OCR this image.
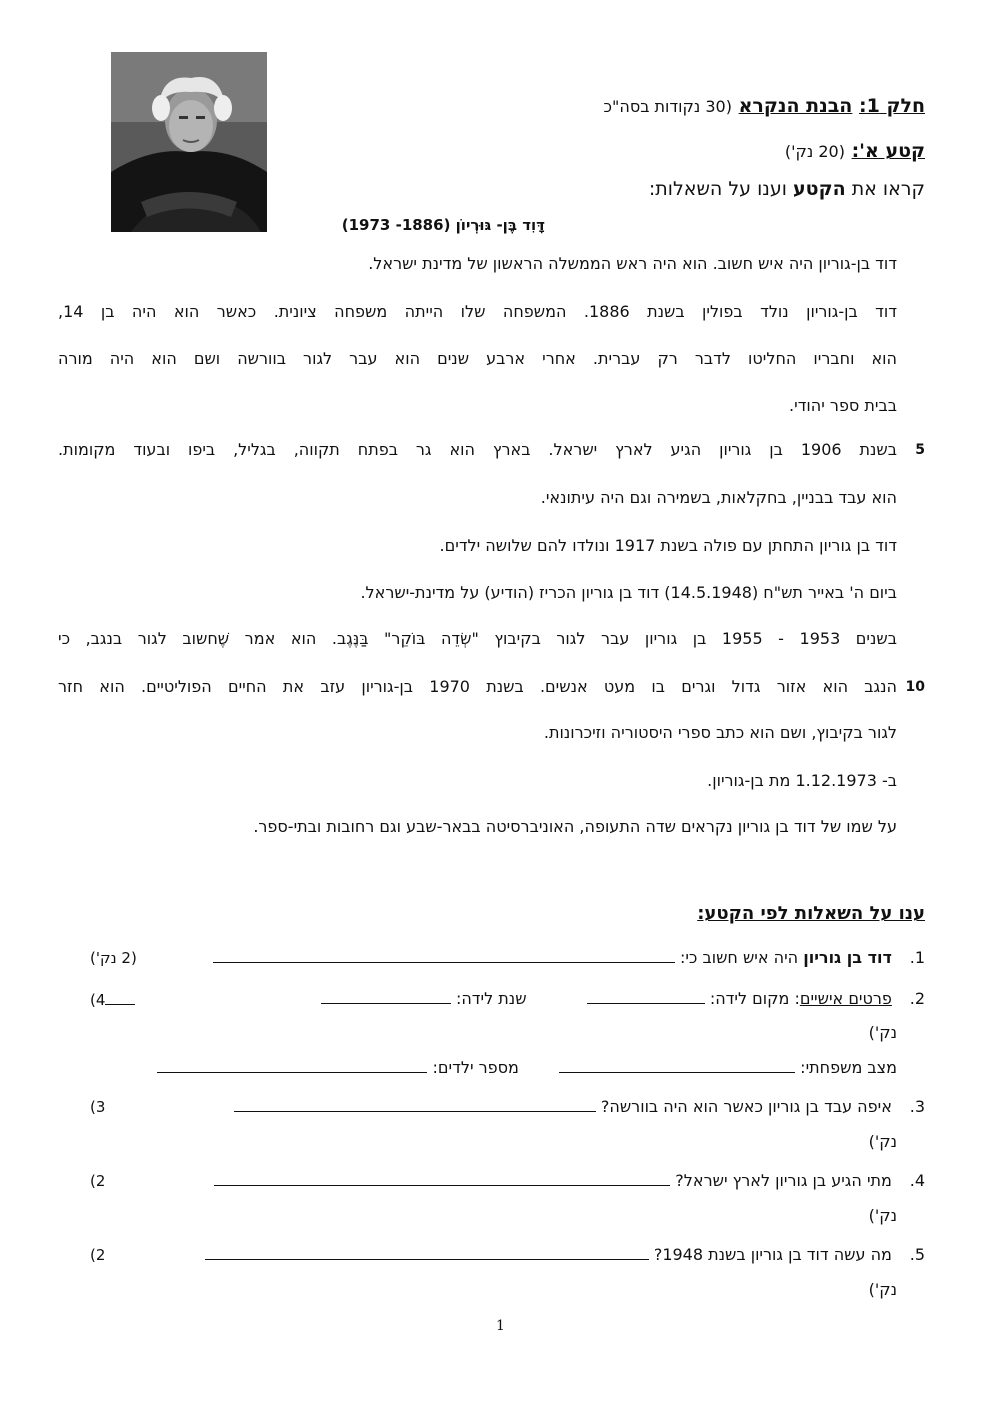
חלק 1: הבנת הנקרא (30 נקודות בסה"כ
קטע א': (20 נק')
קראו את הקטע וענו על השאלות:
דָּוִד בֶּן- גּוּרְיוֹן (1886- 1973)
דוד בן-גוריון היה איש חשוב. הוא היה ראש הממשלה הראשון של מדינת ישראל.
דוד בן-גוריון נולד בפולין בשנת 1886. המשפחה שלו הייתה משפחה ציונית. כאשר הוא היה בן 14,
הוא וחבריו החליטו לדבר רק עברית. אחרי ארבע שנים הוא עבר לגור בוורשה ושם הוא היה מורה
בבית ספר יהודי.
5
בשנת 1906 בן גוריון הגיע לארץ ישראל. בארץ הוא גר בפתח תקווה, בגליל, ביפו ובעוד מקומות.
הוא עבד בבניין, בחקלאות, בשמירה וגם היה עיתונאי.
דוד בן גוריון התחתן עם פולה בשנת 1917 ונולדו להם שלושה ילדים.
ביום ה' באייר תש"ח (14.5.1948) דוד בן גוריון הכריז (הודיע) על מדינת-ישראל.
בשנים 1953 - 1955 בן גוריון עבר לגור בקיבוץ "שְׂדֵה בּוֹקֵר" בַּנֶּגֶב. הוא אמר שֶׁחשוב לגור בנגב, כי
10
הנגב הוא אזור גדול וגרים בו מעט אנשים. בשנת 1970 בן-גוריון עזב את החיים הפוליטיים. הוא חזר
לגור בקיבוץ, ושם הוא כתב ספרי היסטוריה וזיכרונות.
ב- 1.12.1973 מת בן-גוריון.
על שמו של דוד בן גוריון נקראים שדה התעופה, האוניברסיטה בבאר-שבע וגם רחובות ובתי-ספר.
ענו על השאלות לפי הקטע:
1. דוד בן גוריון היה איש חשוב כי:
(2 נק')
2. פרטים אישיים: מקום לידה:   שנת לידה:
4)
נק')
מצב משפחתי:   מספר ילדים:
3. איפה עבד בן גוריון כאשר הוא היה בוורשה?
3)
נק')
4. מתי הגיע בן גוריון לארץ ישראל?
2)
נק')
5. מה עשה דוד בן גוריון בשנת 1948?
2)
נק')
1
